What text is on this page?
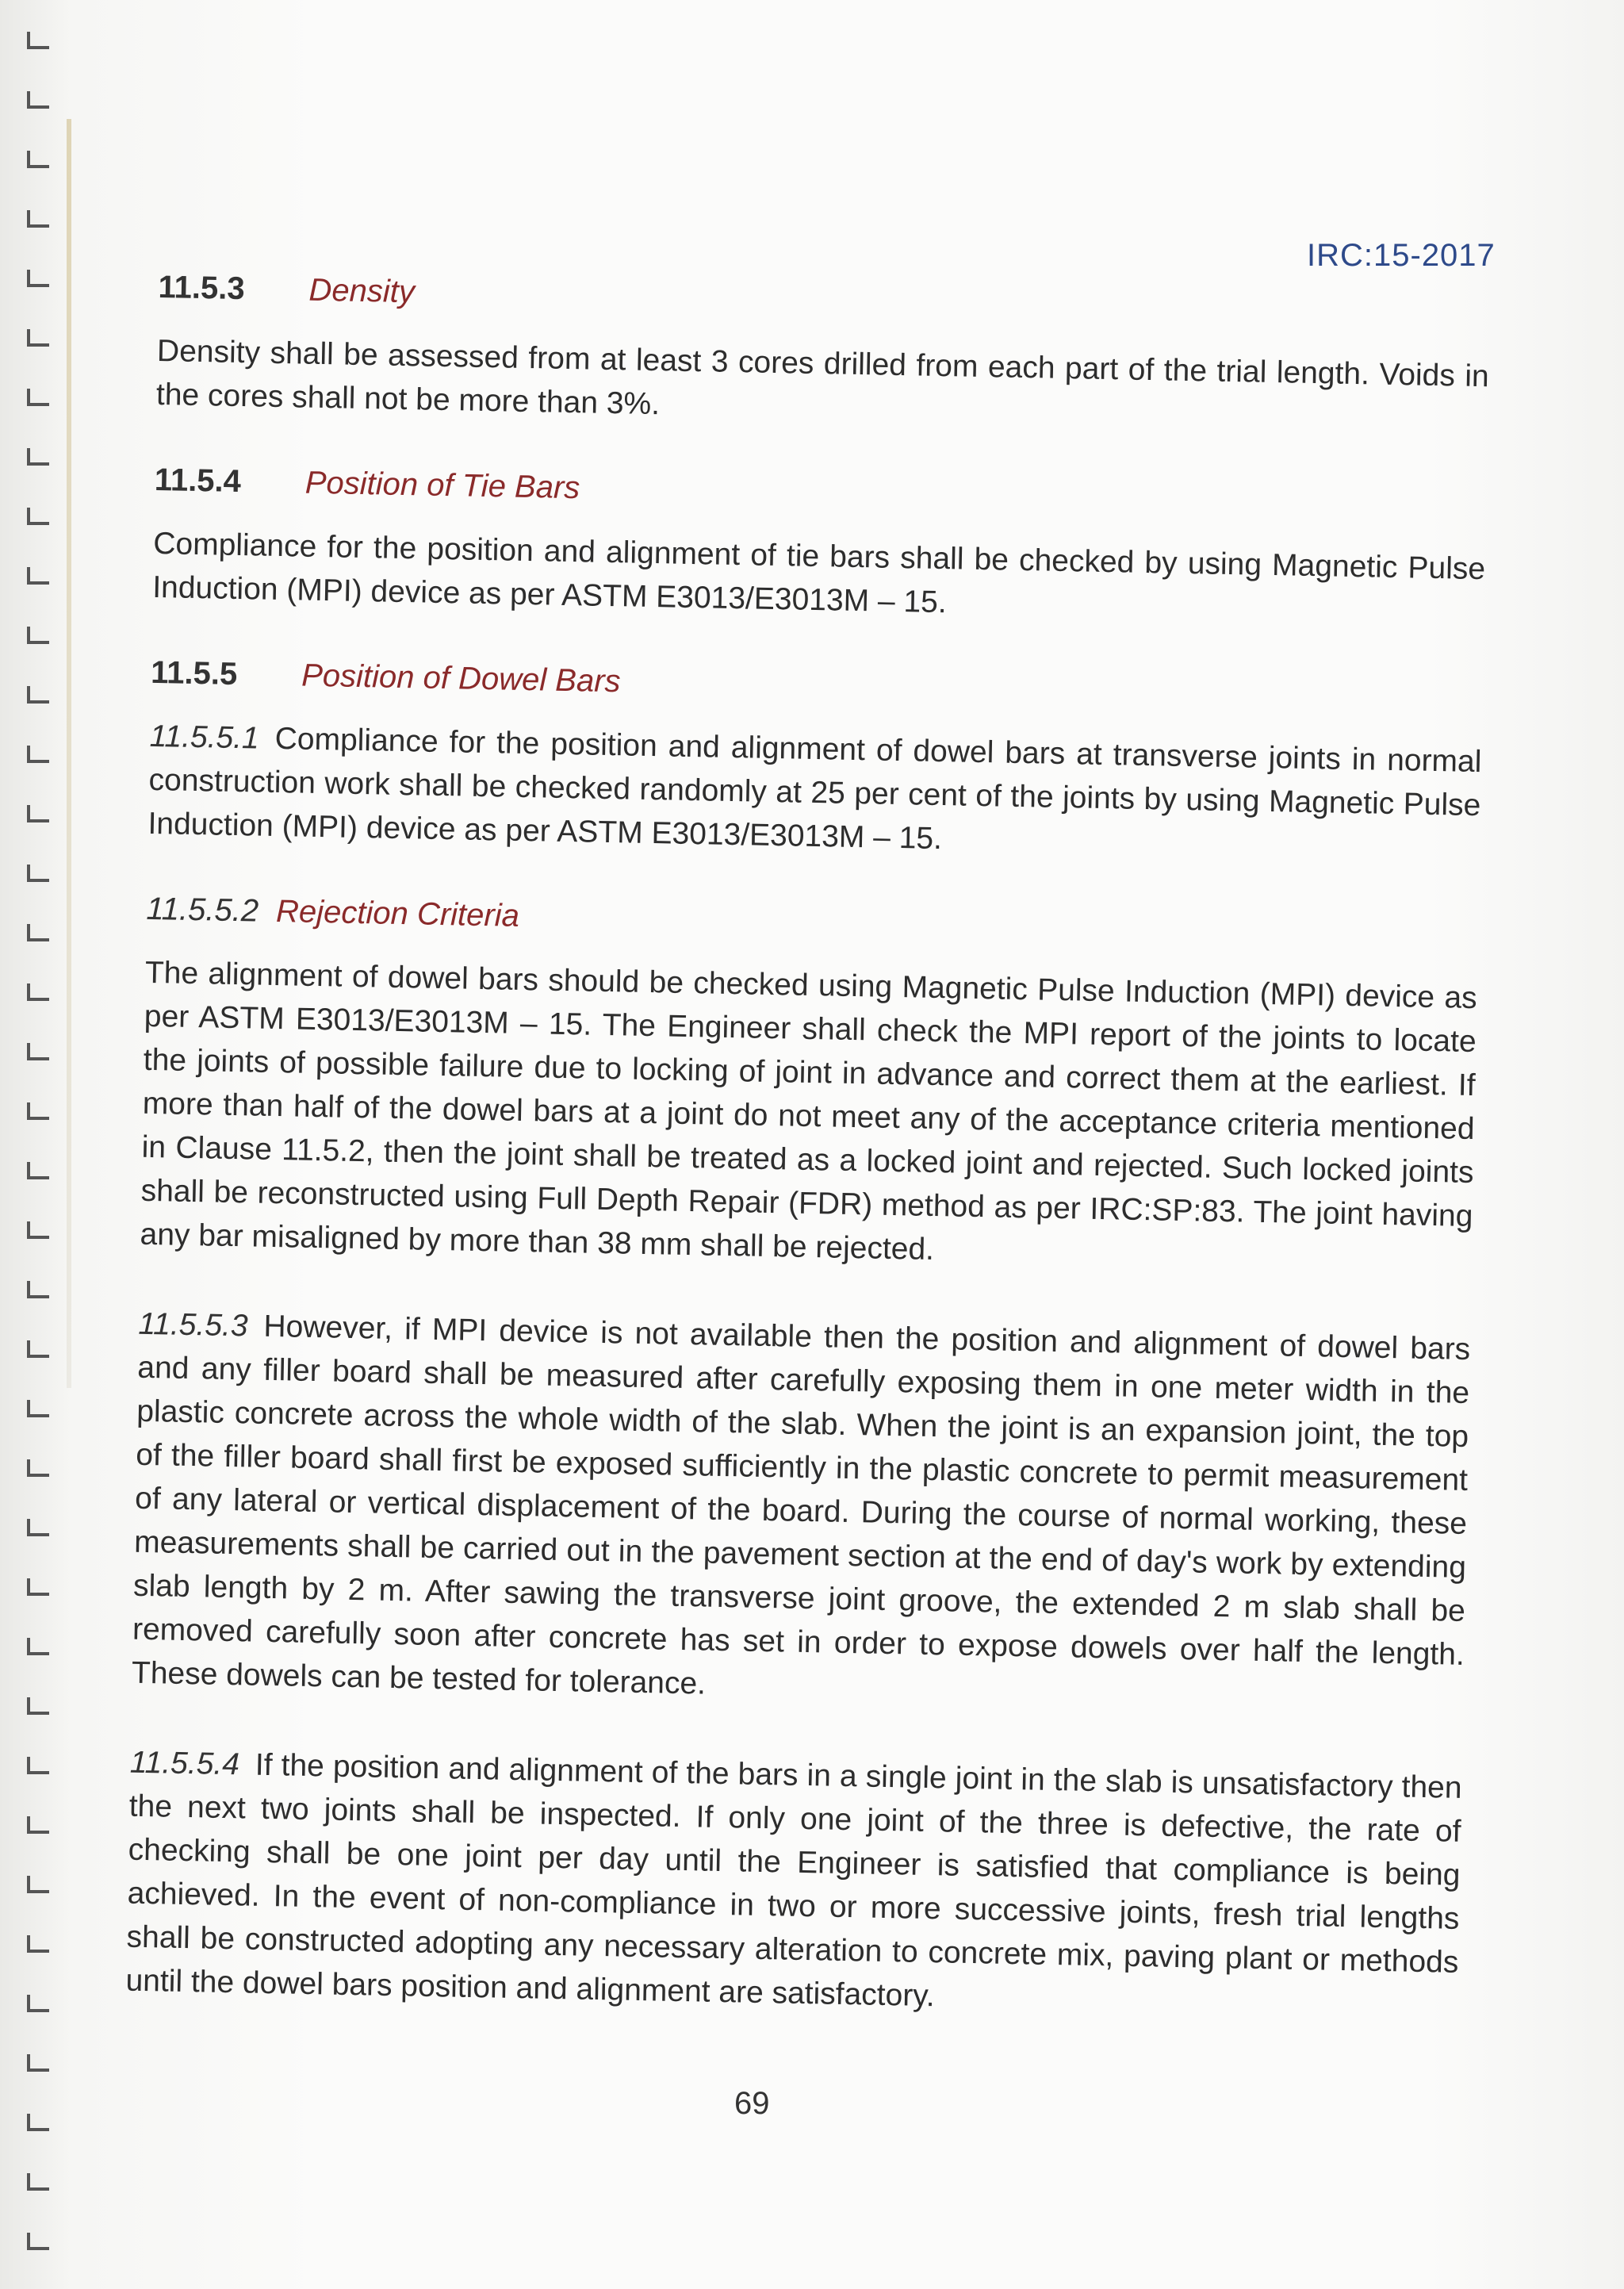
IRC:15-2017
11.5.3	Density

Density shall be assessed from at least 3 cores drilled from each part of the trial length. Voids in the cores shall not be more than 3%.

11.5.4	Position of Tie Bars

Compliance for the position and alignment of tie bars shall be checked by using Magnetic Pulse Induction (MPI) device as per ASTM E3013/E3013M – 15.

11.5.5	Position of Dowel Bars

11.5.5.1 Compliance for the position and alignment of dowel bars at transverse joints in normal construction work shall be checked randomly at 25 per cent of the joints by using Magnetic Pulse Induction (MPI) device as per ASTM E3013/E3013M – 15.

11.5.5.2 Rejection Criteria

The alignment of dowel bars should be checked using Magnetic Pulse Induction (MPI) device as per ASTM E3013/E3013M – 15. The Engineer shall check the MPI report of the joints to locate the joints of possible failure due to locking of joint in advance and correct them at the earliest. If more than half of the dowel bars at a joint do not meet any of the acceptance criteria mentioned in Clause 11.5.2, then the joint shall be treated as a locked joint and rejected. Such locked joints shall be reconstructed using Full Depth Repair (FDR) method as per IRC:SP:83. The joint having any bar misaligned by more than 38 mm shall be rejected.

11.5.5.3 However, if MPI device is not available then the position and alignment of dowel bars and any filler board shall be measured after carefully exposing them in one meter width in the plastic concrete across the whole width of the slab. When the joint is an expansion joint, the top of the filler board shall first be exposed sufficiently in the plastic concrete to permit measurement of any lateral or vertical displacement of the board. During the course of normal working, these measurements shall be carried out in the pavement section at the end of day's work by extending slab length by 2 m. After sawing the transverse joint groove, the extended 2 m slab shall be removed carefully soon after concrete has set in order to expose dowels over half the length. These dowels can be tested for tolerance.

11.5.5.4 If the position and alignment of the bars in a single joint in the slab is unsatisfactory then the next two joints shall be inspected. If only one joint of the three is defective, the rate of checking shall be one joint per day until the Engineer is satisfied that compliance is being achieved. In the event of non-compliance in two or more successive joints, fresh trial lengths shall be constructed adopting any necessary alteration to concrete mix, paving plant or methods until the dowel bars position and alignment are satisfactory.

69
